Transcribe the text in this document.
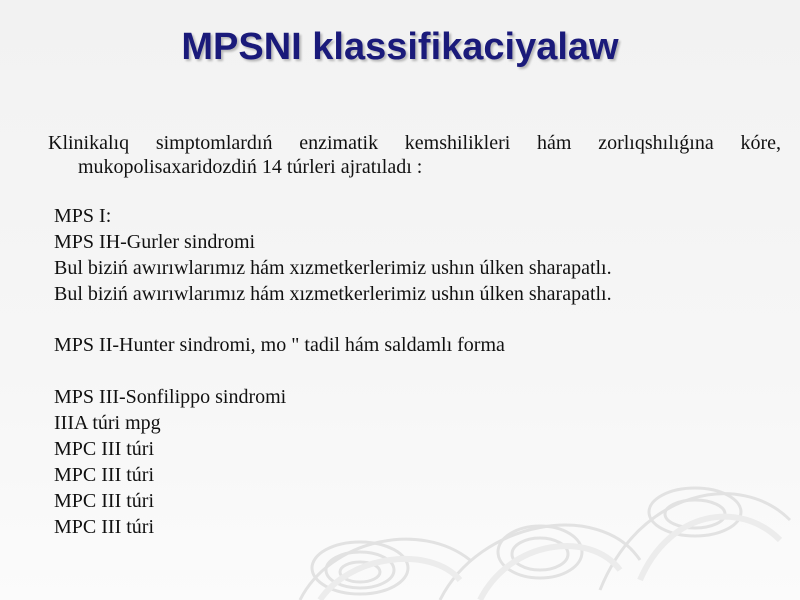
MPSNI klassifikaciyalaw
Klinikalıq simptomlardıń enzimatik kemshilikleri hám zorlıqshılıǵına kóre, mukopolisaxaridozdiń 14 túrleri ajratıladı :
MPS I:
MPS IH-Gurler sindromi
Bul biziń awırıwlarımız hám xızmetkerlerimiz ushın úlken sharapatlı.
Bul biziń awırıwlarımız hám xızmetkerlerimiz ushın úlken sharapatlı.
MPS II-Hunter sindromi, mo " tadil hám saldamlı forma
MPS III-Sonfilippo sindromi
IIIA túri mpg
MPC III túri
MPC III túri
MPC III túri
MPC III túri
